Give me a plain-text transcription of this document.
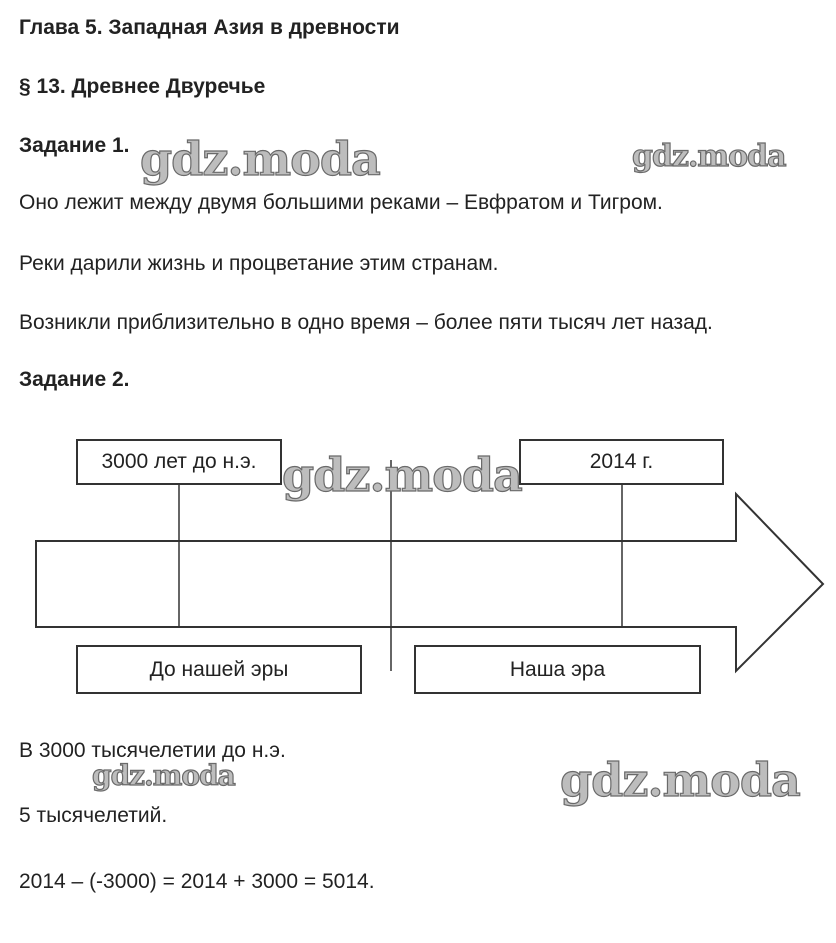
Глава 5. Западная Азия в древности

§ 13. Древнее Двуречье

Задание 1. gdz.moda	gdz.moda

Оно лежит между двумя большими реками – Евфратом и Тигром.

Реки дарили жизнь и процветание этим странам.

Возникли приблизительно в одно время – более пяти тысяч лет назад.

Задание 2.

3000 лет до н.э.	2014 г.
gdz.moda
До нашей эры	Наша эра

В 3000 тысячелетии до н.э.

gdz.moda	gdz.moda

5 тысячелетий.

2014 – (-3000) = 2014 + 3000 = 5014.
